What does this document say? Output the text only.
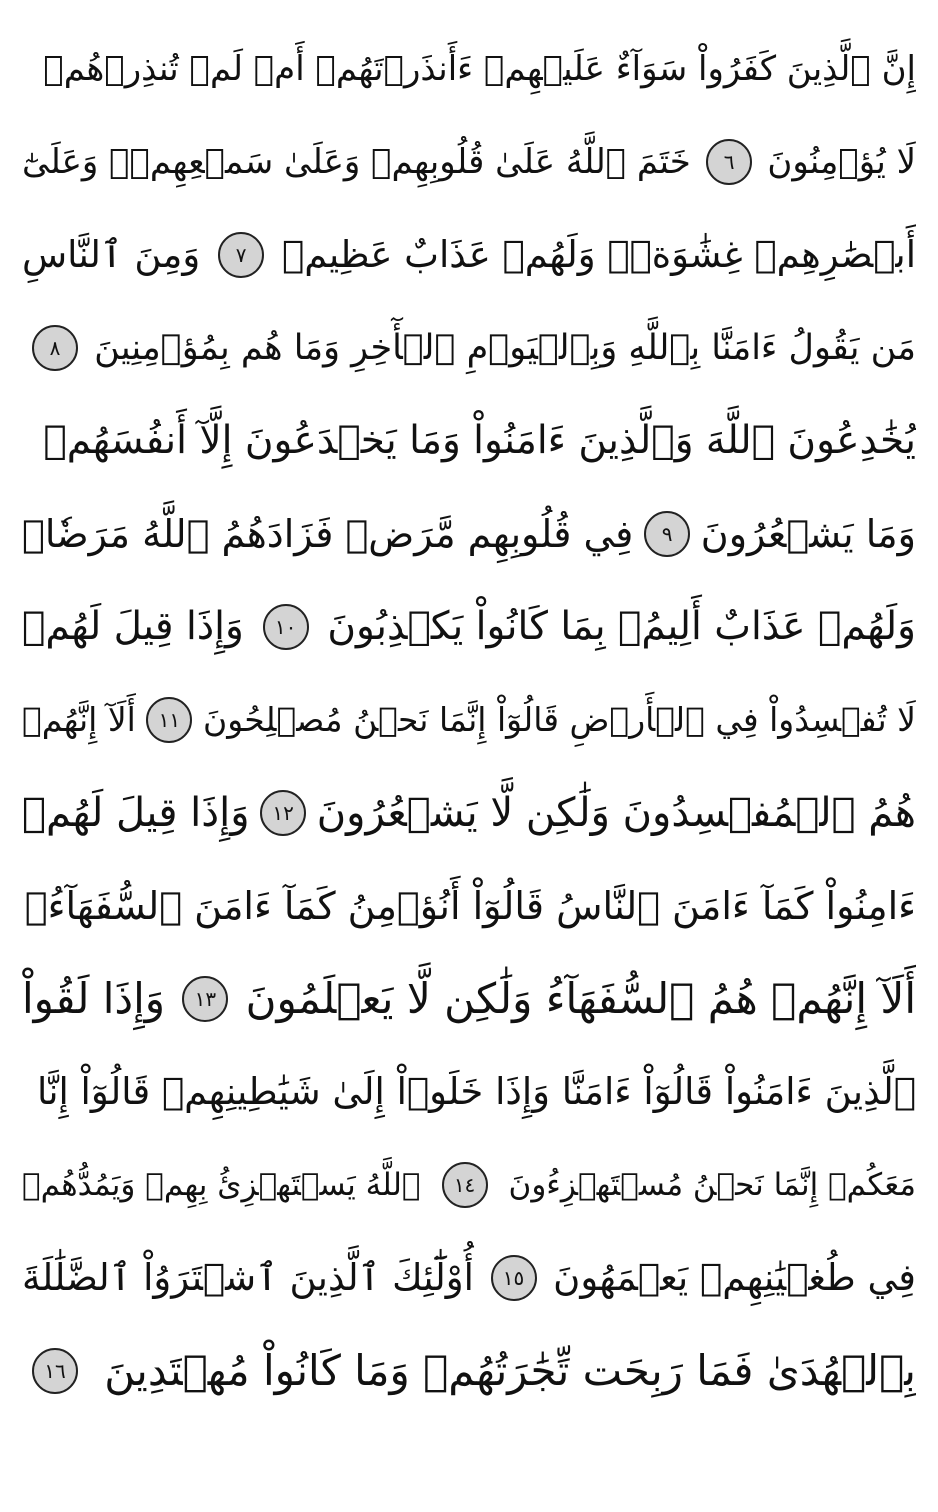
إِنَّ ٱلَّذِينَ كَفَرُواْ سَوَآءٌ عَلَيۡهِمۡ ءَأَنذَرۡتَهُمۡ أَمۡ لَمۡ تُنذِرۡهُمۡ
لَا يُؤۡمِنُونَ
٦
خَتَمَ ٱللَّهُ عَلَىٰ قُلُوبِهِمۡ وَعَلَىٰ سَمۡعِهِمۡۖ وَعَلَىٰٓ
أَبۡصَٰرِهِمۡ غِشَٰوَةٞۖ وَلَهُمۡ عَذَابٌ عَظِيمٞ
٧
وَمِنَ ٱلنَّاسِ
مَن يَقُولُ ءَامَنَّا بِٱللَّهِ وَبِٱلۡيَوۡمِ ٱلۡأٓخِرِ وَمَا هُم بِمُؤۡمِنِينَ
٨
يُخَٰدِعُونَ ٱللَّهَ وَٱلَّذِينَ ءَامَنُواْ وَمَا يَخۡدَعُونَ إِلَّآ أَنفُسَهُمۡ
وَمَا يَشۡعُرُونَ
٩
فِي قُلُوبِهِم مَّرَضٞ فَزَادَهُمُ ٱللَّهُ مَرَضٗاۖ
وَلَهُمۡ عَذَابٌ أَلِيمُۢ بِمَا كَانُواْ يَكۡذِبُونَ
١٠
وَإِذَا قِيلَ لَهُمۡ
لَا تُفۡسِدُواْ فِي ٱلۡأَرۡضِ قَالُوٓاْ إِنَّمَا نَحۡنُ مُصۡلِحُونَ
١١
أَلَآ إِنَّهُمۡ
هُمُ ٱلۡمُفۡسِدُونَ وَلَٰكِن لَّا يَشۡعُرُونَ
١٢
وَإِذَا قِيلَ لَهُمۡ
ءَامِنُواْ كَمَآ ءَامَنَ ٱلنَّاسُ قَالُوٓاْ أَنُؤۡمِنُ كَمَآ ءَامَنَ ٱلسُّفَهَآءُۗ
أَلَآ إِنَّهُمۡ هُمُ ٱلسُّفَهَآءُ وَلَٰكِن لَّا يَعۡلَمُونَ
١٣
وَإِذَا لَقُواْ
ٱلَّذِينَ ءَامَنُواْ قَالُوٓاْ ءَامَنَّا وَإِذَا خَلَوۡاْ إِلَىٰ شَيَٰطِينِهِمۡ قَالُوٓاْ إِنَّا
مَعَكُمۡ إِنَّمَا نَحۡنُ مُسۡتَهۡزِءُونَ
١٤
ٱللَّهُ يَسۡتَهۡزِئُ بِهِمۡ وَيَمُدُّهُمۡ
فِي طُغۡيَٰنِهِمۡ يَعۡمَهُونَ
١٥
أُوْلَٰٓئِكَ ٱلَّذِينَ ٱشۡتَرَوُاْ ٱلضَّلَٰلَةَ
بِٱلۡهُدَىٰ فَمَا رَبِحَت تِّجَٰرَتُهُمۡ وَمَا كَانُواْ مُهۡتَدِينَ
١٦
